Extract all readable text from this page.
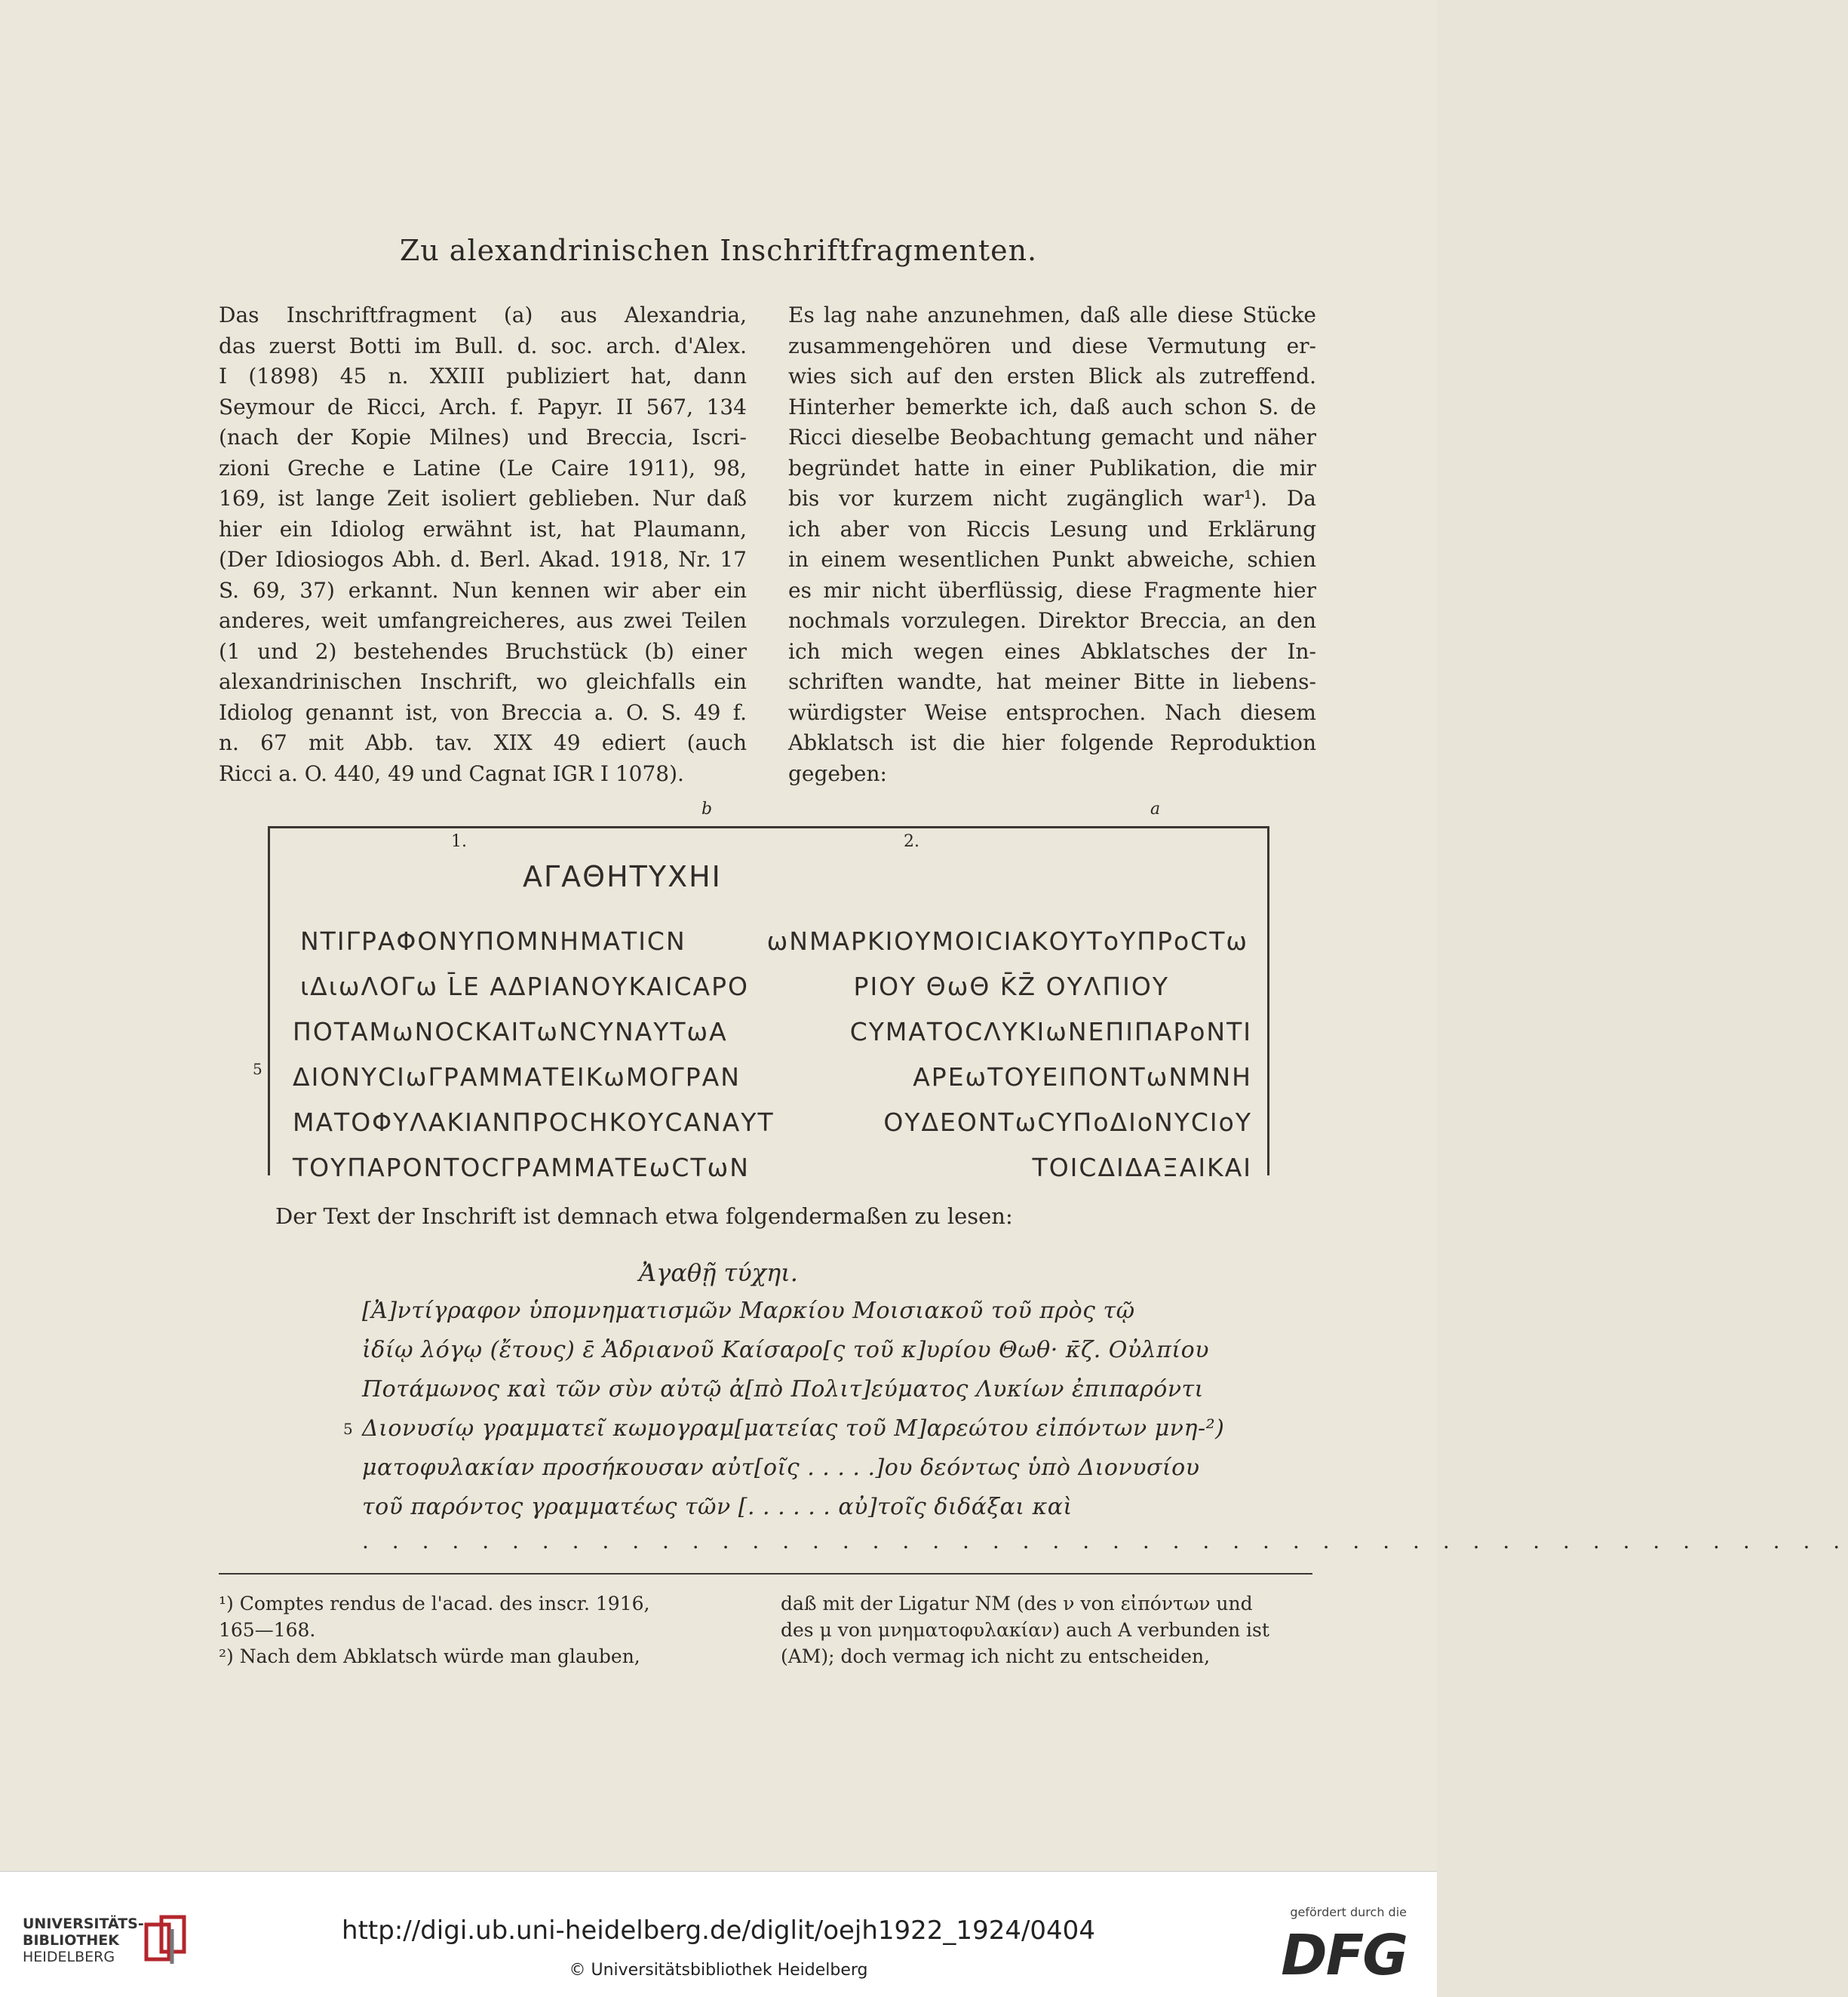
Zu alexandrinischen Inschriftfragmenten.
Das Inschriftfragment (a) aus Alexandria,
das zuerst Botti im Bull. d. soc. arch. d'Alex.
I (1898) 45 n. XXIII publiziert hat, dann
Seymour de Ricci, Arch. f. Papyr. II 567, 134
(nach der Kopie Milnes) und Breccia, Iscri-
zioni Greche e Latine (Le Caire 1911), 98,
169, ist lange Zeit isoliert geblieben. Nur daß
hier ein Idiolog erwähnt ist, hat Plaumann,
(Der Idiosiogos Abh. d. Berl. Akad. 1918, Nr. 17
S. 69, 37) erkannt. Nun kennen wir aber ein
anderes, weit umfangreicheres, aus zwei Teilen
(1 und 2) bestehendes Bruchstück (b) einer
alexandrinischen Inschrift, wo gleichfalls ein
Idiolog genannt ist, von Breccia a. O. S. 49 f.
n. 67 mit Abb. tav. XIX 49 ediert (auch
Ricci a. O. 440, 49 und Cagnat IGR I 1078).
Es lag nahe anzunehmen, daß alle diese Stücke
zusammengehören und diese Vermutung er-
wies sich auf den ersten Blick als zutreffend.
Hinterher bemerkte ich, daß auch schon S. de
Ricci dieselbe Beobachtung gemacht und näher
begründet hatte in einer Publikation, die mir
bis vor kurzem nicht zugänglich war¹). Da
ich aber von Riccis Lesung und Erklärung
in einem wesentlichen Punkt abweiche, schien
es mir nicht überflüssig, diese Fragmente hier
nochmals vorzulegen. Direktor Breccia, an den
ich mich wegen eines Abklatsches der In-
schriften wandte, hat meiner Bitte in liebens-
würdigster Weise entsprochen. Nach diesem
Abklatsch ist die hier folgende Reproduktion
gegeben:
b	a
1.	2.
ΑΓΑΘΗΤΥΧΗΙ
ΝΤΙΓΡΑΦΟΝΥΠΟΜΝΗΜΑΤΙCΝ
ιΔιωΛΟΓω L̄Ε ΑΔΡΙΑΝΟΥΚΑΙCΑΡΟ
ΠΟΤΑΜωΝΟCΚΑΙΤωΝCΥΝΑΥΤωΑ
ΔΙΟΝΥCΙωΓΡΑΜΜΑΤΕΙΚωΜΟΓΡΑΝ
ΜΑΤΟΦΥΛΑΚΙΑΝΠΡΟCΗΚΟΥCΑΝΑΥΤ
ΤΟΥΠΑΡΟΝΤΟCΓΡΑΜΜΑΤΕωCΤωΝ
ωΝΜΑΡΚΙΟΥΜΟΙCΙΑΚΟΥΤοΥΠΡοCΤω
ΡΙΟΥ ΘωΘ K̄Z̄ ΟΥΛΠΙΟΥ
CΥΜΑΤΟCΛΥΚΙωΝΕΠΙΠΑΡοΝΤΙ
ΑΡΕωΤΟΥΕΙΠΟΝΤωΝΜΝΗ
ΟΥΔΕΟΝΤωCΥΠοΔΙοΝΥCΙοΥ
ΤΟΙCΔΙΔΑΞΑΙΚΑΙ
5
Der Text der Inschrift ist demnach etwa folgendermaßen zu lesen:
Ἀγαθῇ τύχηι.
[Ἀ]ντίγραφον ὑπομνηματισμῶν Μαρκίου Μοισιακοῦ τοῦ πρὸς τῷ
ἰδίῳ λόγῳ (ἔτους) ε̄ Ἁδριανοῦ Καίσαρο[ς τοῦ κ]υρίου Θωθ· κ̄ζ. Οὐλπίου
Ποτάμωνος καὶ τῶν σὺν αὐτῷ ἀ[πὸ Πολιτ]εύματος Λυκίων ἐπιπαρόντι
5 Διονυσίῳ γραμματεῖ κωμογραμ[ματείας τοῦ Μ]αρεώτου εἰπόντων μνη-²)
ματοφυλακίαν προσήκουσαν αὐτ[οῖς . . . . .]ου δεόντως ὑπὸ Διονυσίου
τοῦ παρόντος γραμματέως τῶν [. . . . . . αὐ]τοῖς διδάξαι καὶ
. . . . . . . . . . . . . . . . . . . . . . . . . . . . . . . . . . . . . . . . . . . . . . . . . .
¹) Comptes rendus de l'acad. des inscr. 1916,
165—168.
²) Nach dem Abklatsch würde man glauben,
daß mit der Ligatur NM (des ν von εἰπόντων und
des μ von μνηματοφυλακίαν) auch A verbunden ist
(AM); doch vermag ich nicht zu entscheiden,
UNIVERSITÄTS-
BIBLIOTHEK
HEIDELBERG
http://digi.ub.uni-heidelberg.de/diglit/oejh1922_1924/0404
© Universitätsbibliothek Heidelberg
gefördert durch die
DFG
